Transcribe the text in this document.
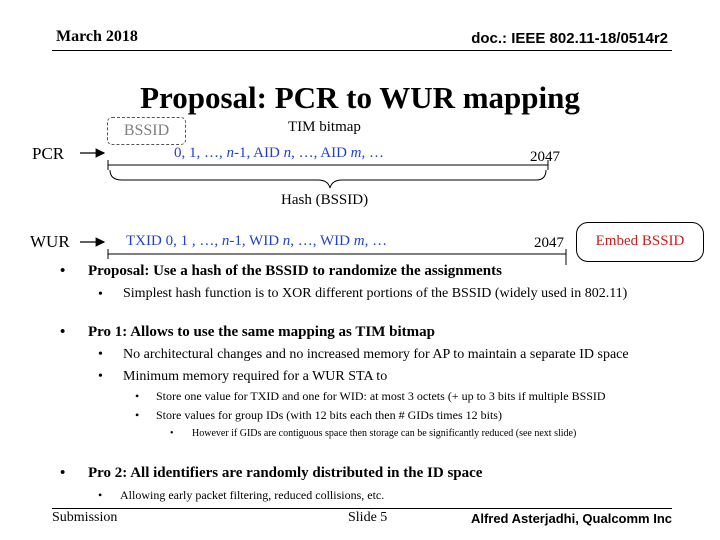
March 2018	doc.: IEEE 802.11-18/0514r2
Proposal: PCR to WUR mapping
BSSID	TIM bitmap
PCR	0, 1, …, n-1, AID n, …, AID m, …	2047
Hash (BSSID)
WUR	TXID 0, 1 , …, n-1, WID n, …, WID m, …	2047	Embed BSSID
• Proposal: Use a hash of the BSSID to randomize the assignments
• Simplest hash function is to XOR different portions of the BSSID (widely used in 802.11)
• Pro 1: Allows to use the same mapping as TIM bitmap
• No architectural changes and no increased memory for AP to maintain a separate ID space
• Minimum memory required for a WUR STA to
• Store one value for TXID and one for WID: at most 3 octets (+ up to 3 bits if multiple BSSID
• Store values for group IDs (with 12 bits each then # GIDs times 12 bits)
• However if GIDs are contiguous space then storage can be significantly reduced (see next slide)
• Pro 2: All identifiers are randomly distributed in the ID space
• Allowing early packet filtering, reduced collisions, etc.
Submission	Slide 5	Alfred Asterjadhi, Qualcomm Inc
